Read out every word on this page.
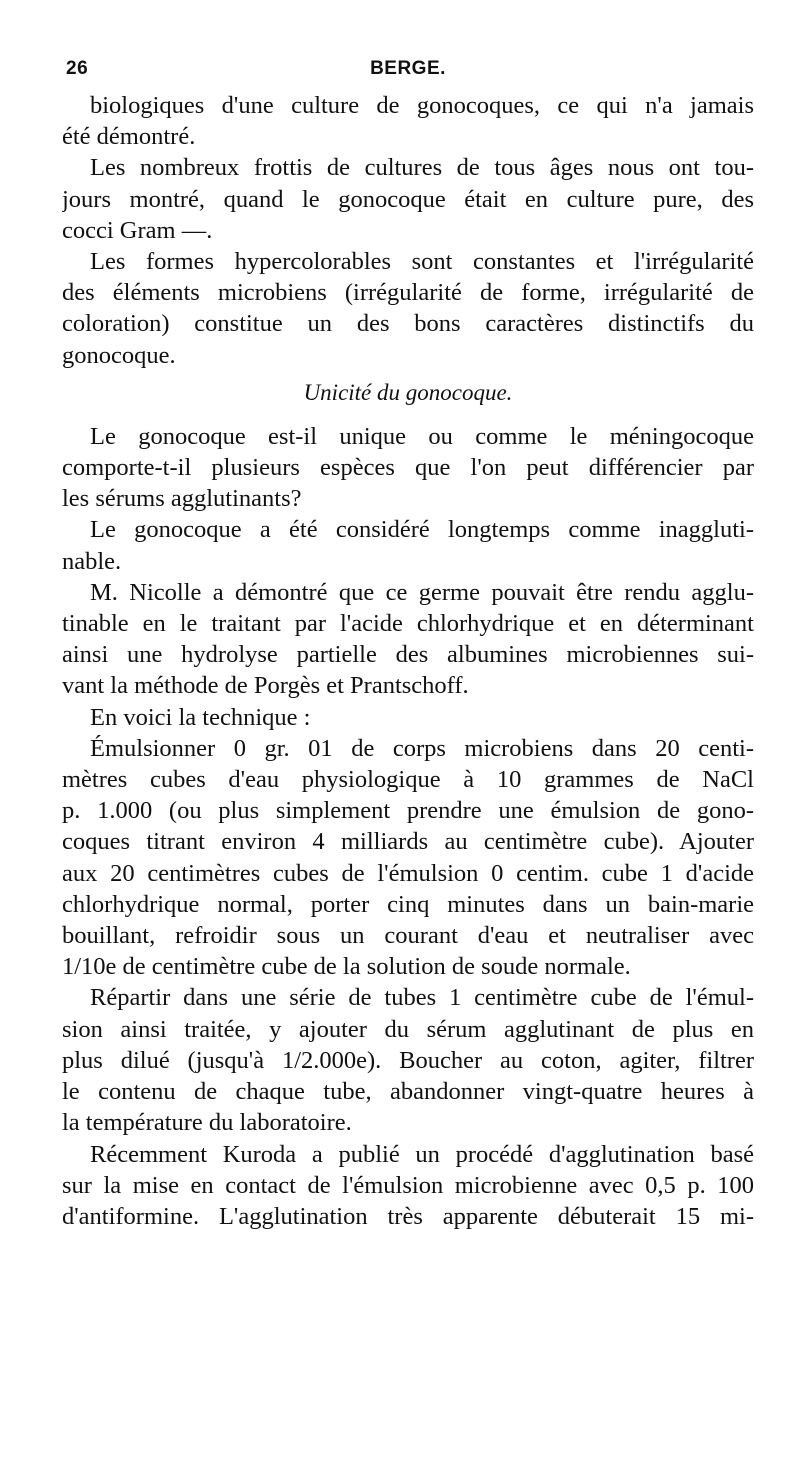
26	BERGE.

biologiques d'une culture de gonocoques, ce qui n'a jamais
été démontré.

Les nombreux frottis de cultures de tous âges nous ont tou-
jours montré, quand le gonocoque était en culture pure, des
cocci Gram —.

Les formes hypercolorables sont constantes et l'irrégularité
des éléments microbiens (irrégularité de forme, irrégularité de
coloration) constitue un des bons caractères distinctifs du
gonocoque.

Unicité du gonocoque.

Le gonocoque est-il unique ou comme le méningocoque
comporte-t-il plusieurs espèces que l'on peut différencier par
les sérums agglutinants?

Le gonocoque a été considéré longtemps comme inaggluti-
nable.

M. Nicolle a démontré que ce germe pouvait être rendu agglu-
tinable en le traitant par l'acide chlorhydrique et en déterminant
ainsi une hydrolyse partielle des albumines microbiennes sui-
vant la méthode de Porgès et Prantschoff.

En voici la technique :

Émulsionner 0 gr. 01 de corps microbiens dans 20 centi-
mètres cubes d'eau physiologique à 10 grammes de NaCl
p. 1.000 (ou plus simplement prendre une émulsion de gono-
coques titrant environ 4 milliards au centimètre cube). Ajouter
aux 20 centimètres cubes de l'émulsion 0 centim. cube 1 d'acide
chlorhydrique normal, porter cinq minutes dans un bain-marie
bouillant, refroidir sous un courant d'eau et neutraliser avec
1/10e de centimètre cube de la solution de soude normale.

Répartir dans une série de tubes 1 centimètre cube de l'émul-
sion ainsi traitée, y ajouter du sérum agglutinant de plus en
plus dilué (jusqu'à 1/2.000e). Boucher au coton, agiter, filtrer
le contenu de chaque tube, abandonner vingt-quatre heures à
la température du laboratoire.

Récemment Kuroda a publié un procédé d'agglutination basé
sur la mise en contact de l'émulsion microbienne avec 0,5 p. 100
d'antiformine. L'agglutination très apparente débuterait 15 mi-
